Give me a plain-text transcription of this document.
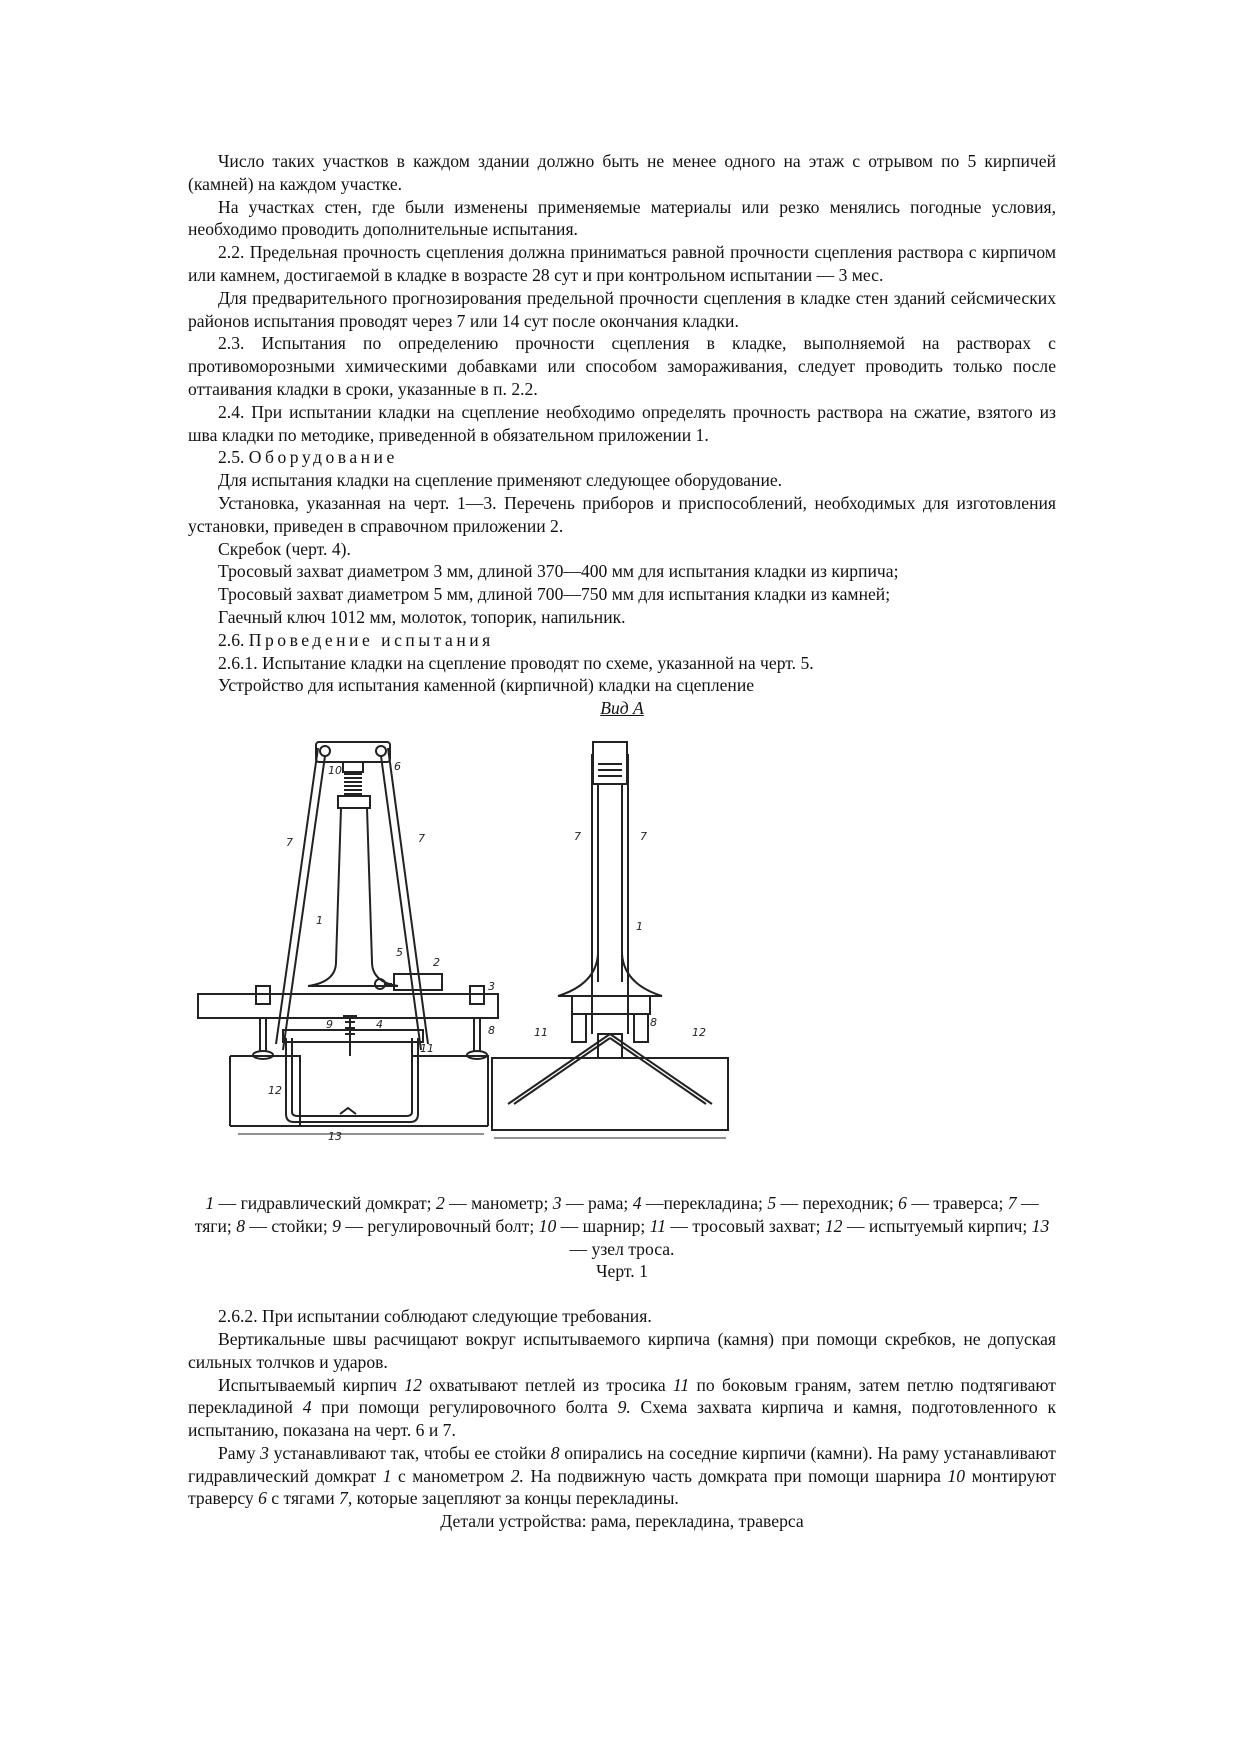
Число таких участков в каждом здании должно быть не менее одного на этаж с отрывом по 5 кирпичей (камней) на каждом участке.

На участках стен, где были изменены применяемые материалы или резко менялись погодные условия, необходимо проводить дополнительные испытания.

2.2. Предельная прочность сцепления должна приниматься равной прочности сцепления раствора с кирпичом или камнем, достигаемой в кладке в возрасте 28 сут и при контрольном испытании — 3 мес.

Для предварительного прогнозирования предельной прочности сцепления в кладке стен зданий сейсмических районов испытания проводят через 7 или 14 сут после окончания кладки.

2.3. Испытания по определению прочности сцепления в кладке, выполняемой на растворах с противоморозными химическими добавками или способом замораживания, следует проводить только после оттаивания кладки в сроки, указанные в п. 2.2.

2.4. При испытании кладки на сцепление необходимо определять прочность раствора на сжатие, взятого из шва кладки по методике, приведенной в обязательном приложении 1.

2.5. Оборудование

Для испытания кладки на сцепление применяют следующее оборудование.

Установка, указанная на черт. 1—3. Перечень приборов и приспособлений, необходимых для изготовления установки, приведен в справочном приложении 2.

Скребок (черт. 4).

Тросовый захват диаметром 3 мм, длиной 370—400 мм для испытания кладки из кирпича;

Тросовый захват диаметром 5 мм, длиной 700—750 мм для испытания кладки из камней;

Гаечный ключ 1012 мм, молоток, топорик, напильник.

2.6. Проведение испытания

2.6.1. Испытание кладки на сцепление проводят по схеме, указанной на черт. 5.

Устройство для испытания каменной (кирпичной) кладки на сцепление

Вид А

10	6
7	7
1
5
2
3
9	4
11
8
12
13
7	7
1
11
8
12

1 — гидравлический домкрат; 2 — манометр; 3 — рама; 4 —перекладина; 5 — переходник; 6 — траверса; 7 — тяги; 8 — стойки; 9 — регулировочный болт; 10 — шарнир; 11 — тросовый захват; 12 — испытуемый кирпич; 13 — узел троса.

Черт. 1

2.6.2. При испытании соблюдают следующие требования.

Вертикальные швы расчищают вокруг испытываемого кирпича (камня) при помощи скребков, не допуская сильных толчков и ударов.

Испытываемый кирпич 12 охватывают петлей из тросика 11 по боковым граням, затем петлю подтягивают перекладиной 4 при помощи регулировочного болта 9. Схема захвата кирпича и камня, подготовленного к испытанию, показана на черт. 6 и 7.

Раму 3 устанавливают так, чтобы ее стойки 8 опирались на соседние кирпичи (камни). На раму устанавливают гидравлический домкрат 1 с манометром 2. На подвижную часть домкрата при помощи шарнира 10 монтируют траверсу 6 с тягами 7, которые зацепляют за концы перекладины.

Детали устройства: рама, перекладина, траверса
